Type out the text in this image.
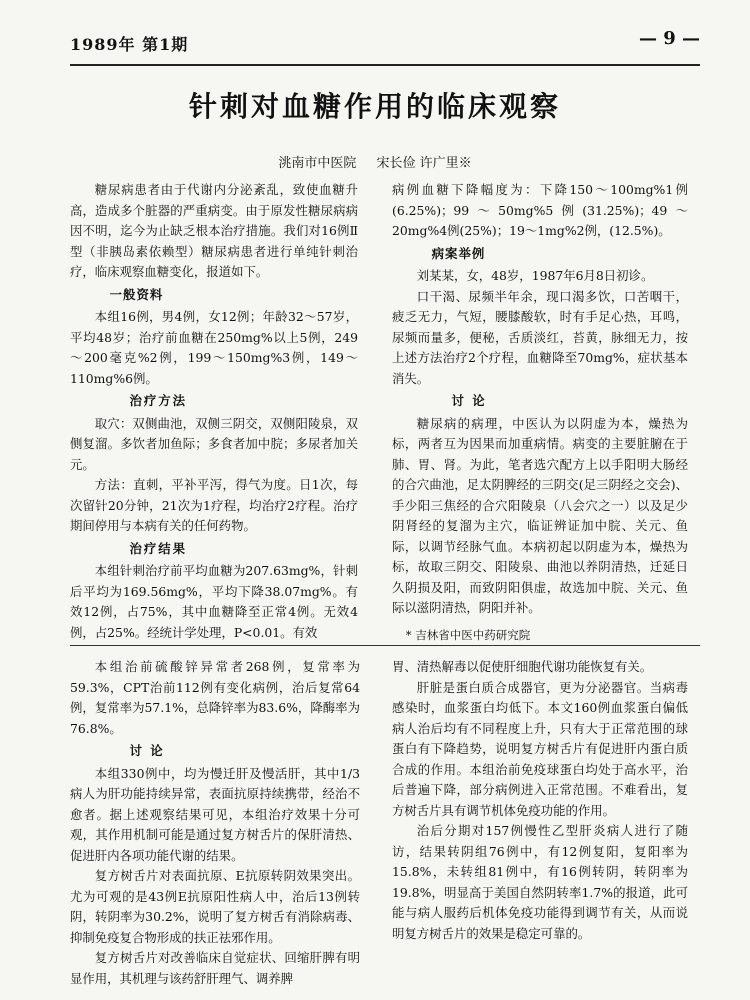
1989年 第1期	— 9 —
针刺对血糖作用的临床观察
洮南市中医院 宋长俭 许广里※

糖尿病患者由于代谢内分泌紊乱，致使血糖升高，造成多个脏器的严重病变。由于原发性糖尿病病因不明，迄今为止缺乏根本治疗措施。我们对16例Ⅱ型（非胰岛素依赖型）糖尿病患者进行单纯针刺治疗，临床观察血糖变化，报道如下。

一般资料

本组16例，男4例，女12例；年龄32～57岁，平均48岁；治疗前血糖在250mg%以上5例，249～200毫克%2例，199～150mg%3例，149～110mg%6例。

治疗方法

取穴：双侧曲池，双侧三阴交，双侧阳陵泉，双侧复溜。多饮者加鱼际；多食者加中脘；多尿者加关元。

方法：直刺，平补平泻，得气为度。日1次，每次留针20分钟，21次为1疗程，均治疗2疗程。治疗期间停用与本病有关的任何药物。

治疗结果

本组针刺治疗前平均血糖为207.63mg%，针刺后平均为169.56mg%，平均下降38.07mg%。有效12例，占75%，其中血糖降至正常4例。无效4例，占25%。经统计学处理，P<0.01。有效

病例血糖下降幅度为：下降150～100mg%1例(6.25%)；99～50mg%5例(31.25%)；49～20mg%4例(25%)；19～1mg%2例，(12.5%)。

病案举例

刘某某，女，48岁，1987年6月8日初诊。

口干渴、尿频半年余，现口渴多饮，口苦咽干，疲乏无力，气短，腰膝酸软，时有手足心热，耳鸣，尿频而量多，便秘，舌质淡红，苔黄，脉细无力，按上述方法治疗2个疗程，血糖降至70mg%，症状基本消失。

讨 论

糖尿病的病理，中医认为以阴虚为本，燥热为标，两者互为因果而加重病情。病变的主要脏腑在于肺、胃、肾。为此，笔者选穴配方上以手阳明大肠经的合穴曲池，足太阴脾经的三阴交(足三阴经之交会)、手少阳三焦经的合穴阳陵泉（八会穴之一）以及足少阴肾经的复溜为主穴，临证辨证加中脘、关元、鱼际，以调节经脉气血。本病初起以阴虚为本，燥热为标，故取三阴交、阳陵泉、曲池以养阴清热，迁延日久阴损及阳，而致阴阳俱虚，故选加中脘、关元、鱼际以滋阴清热，阴阳并补。

* 吉林省中医中药研究院

本组治前硫酸锌异常者268例，复常率为59.3%，CPT治前112例有变化病例，治后复常64例，复常率为57.1%，总降锌率为83.6%，降酶率为76.8%。

讨 论

本组330例中，均为慢迁肝及慢活肝，其中1/3病人为肝功能持续异常，表面抗原持续携带，经治不愈者。据上述观察结果可见，本组治疗效果十分可观，其作用机制可能是通过复方树舌片的保肝清热、促进肝内各项功能代谢的结果。

复方树舌片对表面抗原、E抗原转阴效果突出。尤为可观的是43例E抗原阳性病人中，治后13例转阴，转阴率为30.2%，说明了复方树舌有消除病毒、抑制免疫复合物形成的扶正祛邪作用。

复方树舌片对改善临床自觉症状、回缩肝脾有明显作用，其机理与该药舒肝理气、调养脾

胃、清热解毒以促使肝细胞代谢功能恢复有关。

肝脏是蛋白质合成器官，更为分泌器官。当病毒感染时，血浆蛋白均低下。本文160例血浆蛋白偏低病人治后均有不同程度上升，只有大于正常范围的球蛋白有下降趋势，说明复方树舌片有促进肝内蛋白质合成的作用。本组治前免疫球蛋白均处于高水平，治后普遍下降，部分病例进入正常范围。不难看出，复方树舌片具有调节机体免疫功能的作用。

治后分期对157例慢性乙型肝炎病人进行了随访，结果转阴组76例中，有12例复阳，复阳率为15.8%，未转组81例中，有16例转阴，转阴率为19.8%，明显高于美国自然阴转率1.7%的报道，此可能与病人服药后机体免疫功能得到调节有关，从而说明复方树舌片的效果是稳定可靠的。
